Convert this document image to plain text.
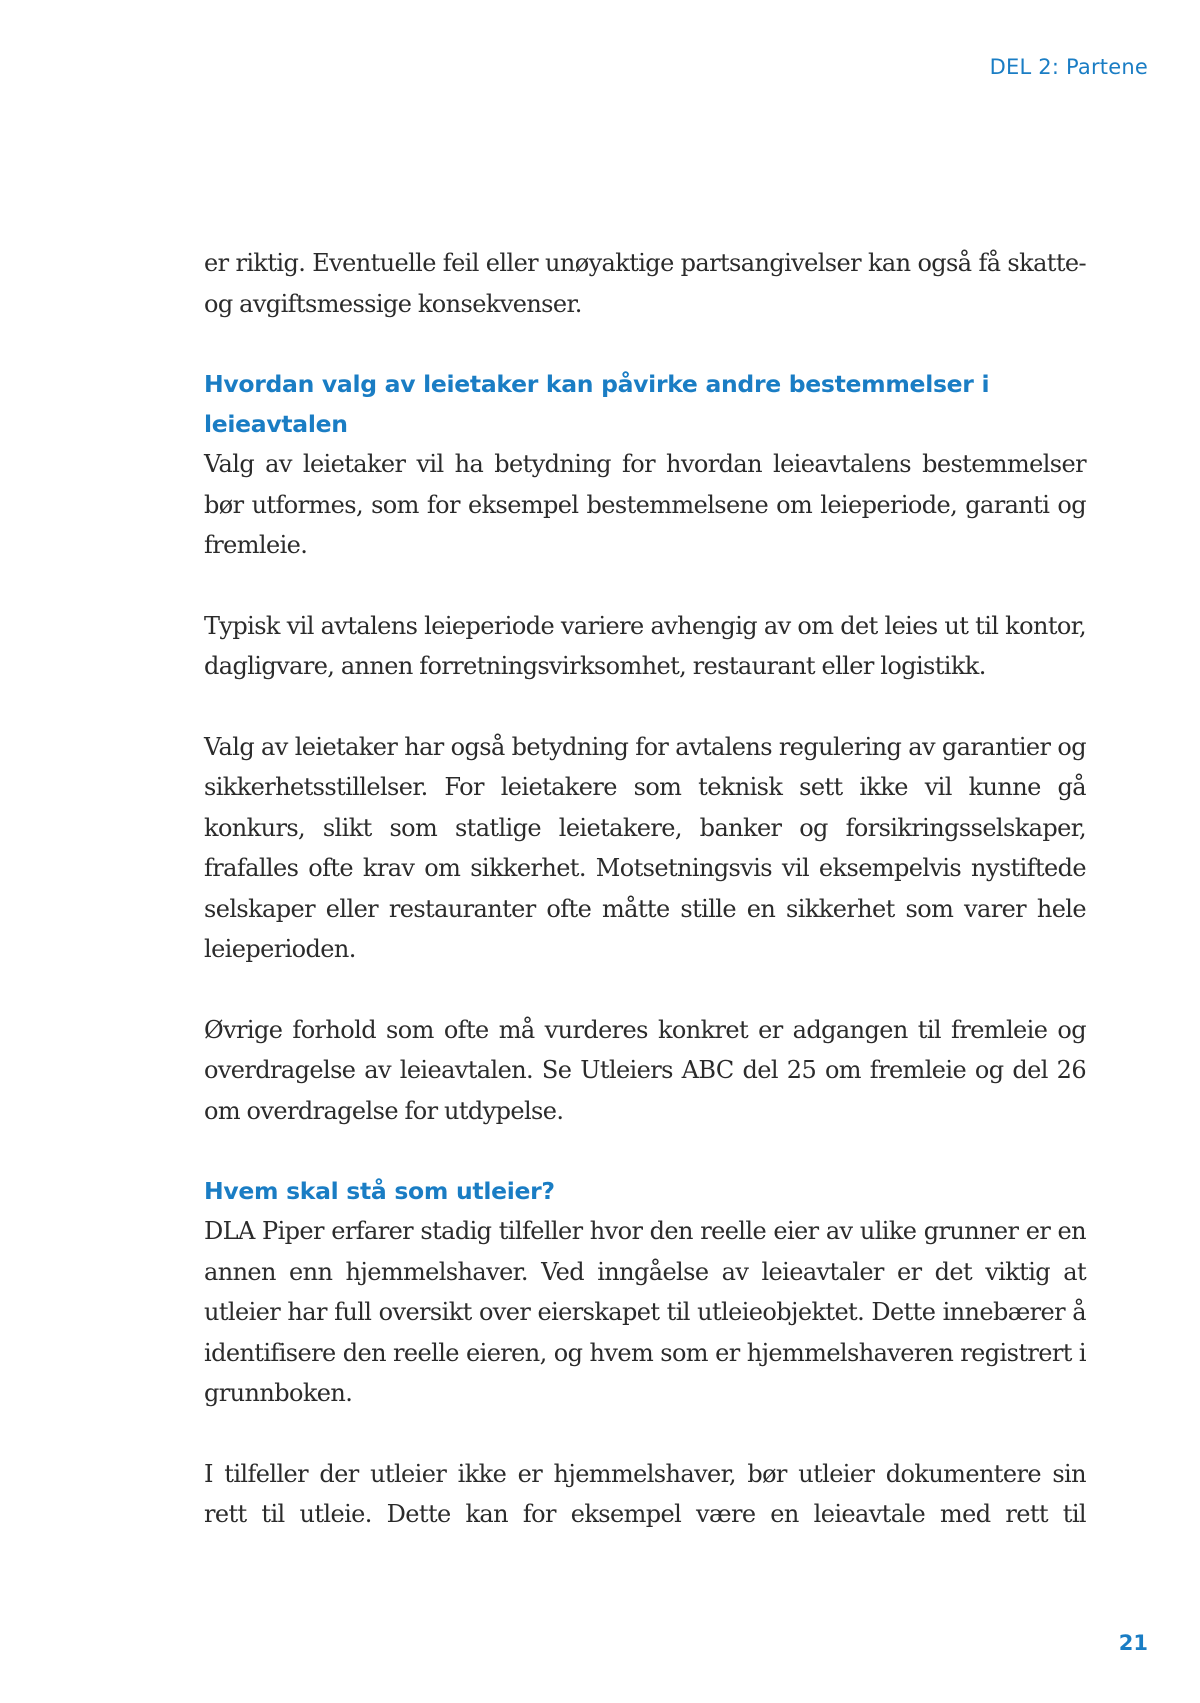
DEL 2: Partene

er riktig. Eventuelle feil eller unøyaktige partsangivelser kan også få skatte- og avgiftsmessige konsekvenser.

Hvordan valg av leietaker kan påvirke andre bestemmelser i leieavtalen

Valg av leietaker vil ha betydning for hvordan leieavtalens bestemmelser bør utformes, som for eksempel bestemmelsene om leieperiode, garanti og fremleie.

Typisk vil avtalens leieperiode variere avhengig av om det leies ut til kontor, dagligvare, annen forretningsvirksomhet, restaurant eller logistikk.

Valg av leietaker har også betydning for avtalens regulering av garantier og sikkerhetsstillelser. For leietakere som teknisk sett ikke vil kunne gå konkurs, slikt som statlige leietakere, banker og forsikringsselskaper, frafalles ofte krav om sikkerhet. Motsetningsvis vil eksempelvis nystiftede selskaper eller restauranter ofte måtte stille en sikkerhet som varer hele leieperioden.

Øvrige forhold som ofte må vurderes konkret er adgangen til fremleie og overdragelse av leieavtalen. Se Utleiers ABC del 25 om fremleie og del 26 om overdragelse for utdypelse.

Hvem skal stå som utleier?

DLA Piper erfarer stadig tilfeller hvor den reelle eier av ulike grunner er en annen enn hjemmelshaver. Ved inngåelse av leieavtaler er det viktig at utleier har full oversikt over eierskapet til utleieobjektet. Dette innebærer å identifisere den reelle eieren, og hvem som er hjemmelshaveren registrert i grunnboken.

I tilfeller der utleier ikke er hjemmelshaver, bør utleier dokumentere sin rett til utleie. Dette kan for eksempel være en leieavtale med rett til

21
